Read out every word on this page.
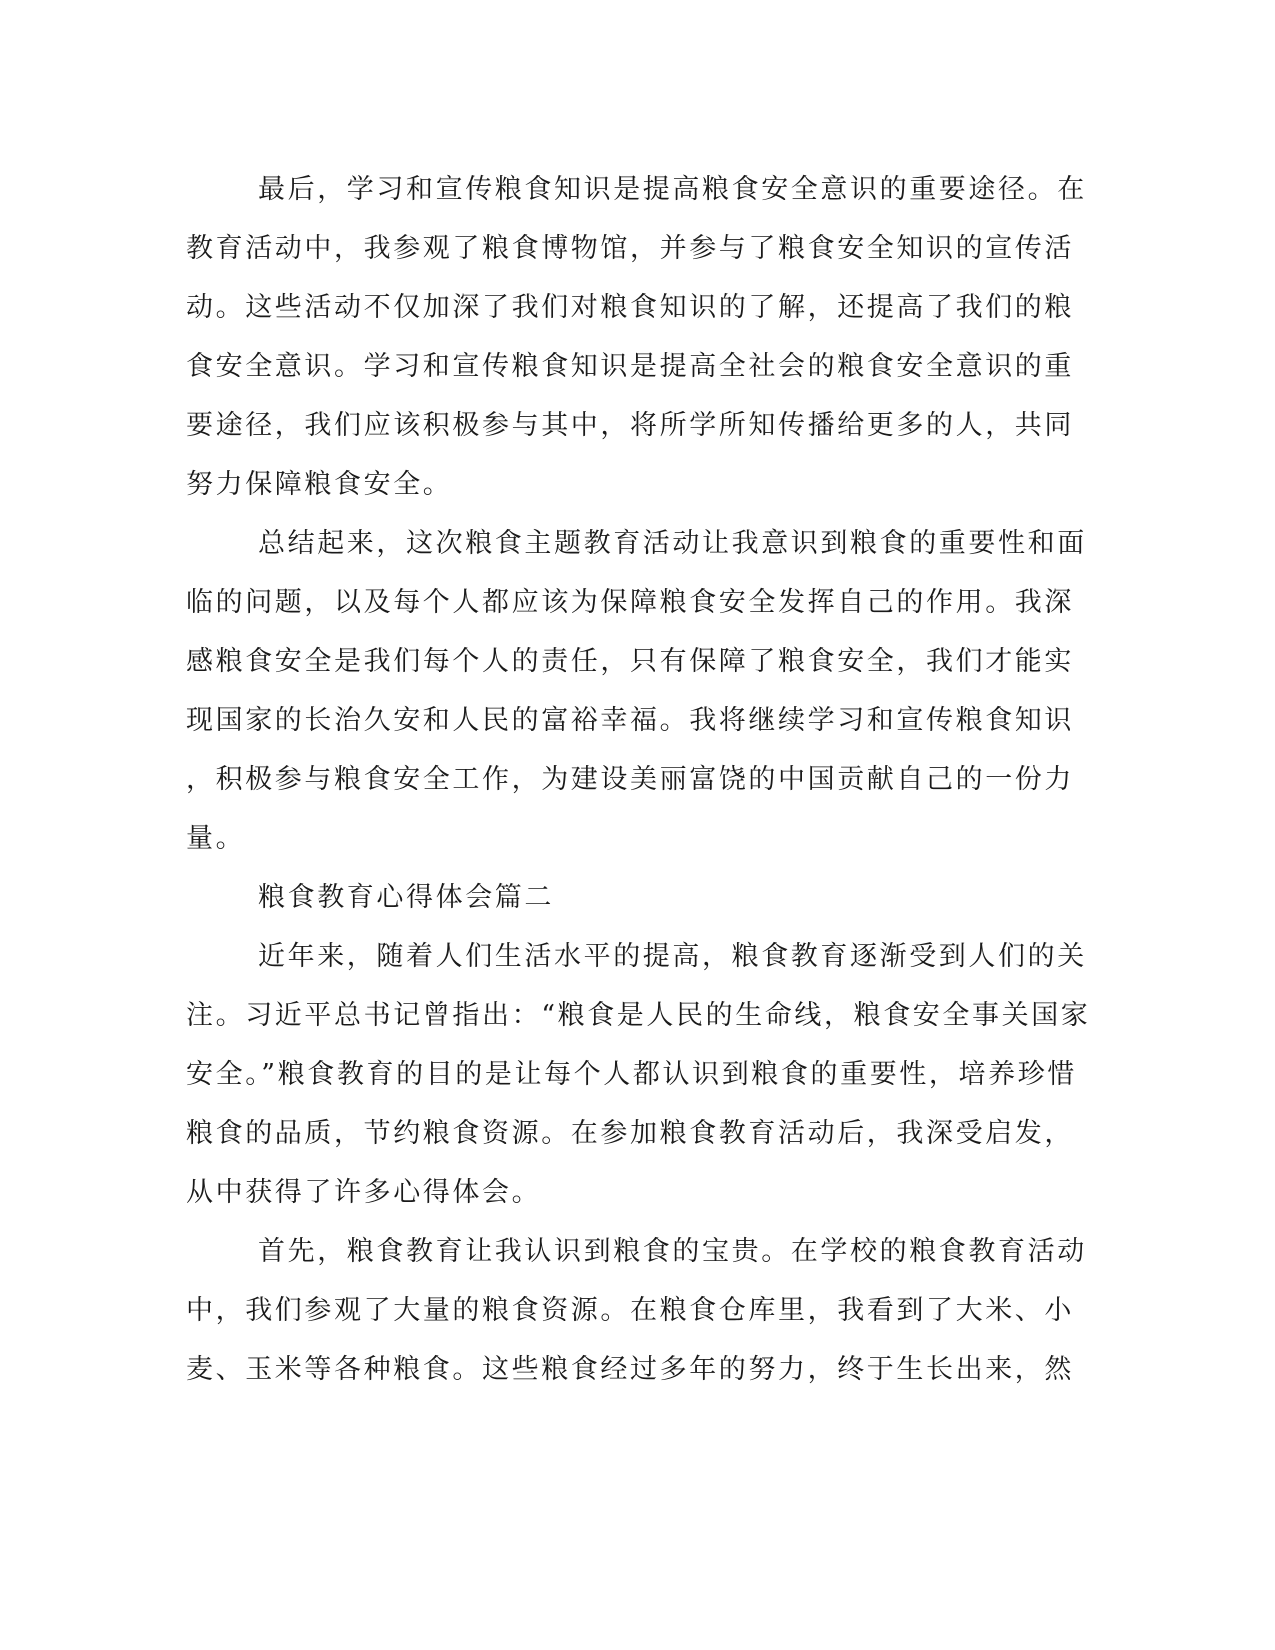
最后，学习和宣传粮食知识是提高粮食安全意识的重要途径。在
教育活动中，我参观了粮食博物馆，并参与了粮食安全知识的宣传活
动。这些活动不仅加深了我们对粮食知识的了解，还提高了我们的粮
食安全意识。学习和宣传粮食知识是提高全社会的粮食安全意识的重
要途径，我们应该积极参与其中，将所学所知传播给更多的人，共同
努力保障粮食安全。
总结起来，这次粮食主题教育活动让我意识到粮食的重要性和面
临的问题，以及每个人都应该为保障粮食安全发挥自己的作用。我深
感粮食安全是我们每个人的责任，只有保障了粮食安全，我们才能实
现国家的长治久安和人民的富裕幸福。我将继续学习和宣传粮食知识
，积极参与粮食安全工作，为建设美丽富饶的中国贡献自己的一份力
量。
粮食教育心得体会篇二
近年来，随着人们生活水平的提高，粮食教育逐渐受到人们的关
注。习近平总书记曾指出：“粮食是人民的生命线，粮食安全事关国家
安全。”粮食教育的目的是让每个人都认识到粮食的重要性，培养珍惜
粮食的品质，节约粮食资源。在参加粮食教育活动后，我深受启发，
从中获得了许多心得体会。
首先，粮食教育让我认识到粮食的宝贵。在学校的粮食教育活动
中，我们参观了大量的粮食资源。在粮食仓库里，我看到了大米、小
麦、玉米等各种粮食。这些粮食经过多年的努力，终于生长出来，然
